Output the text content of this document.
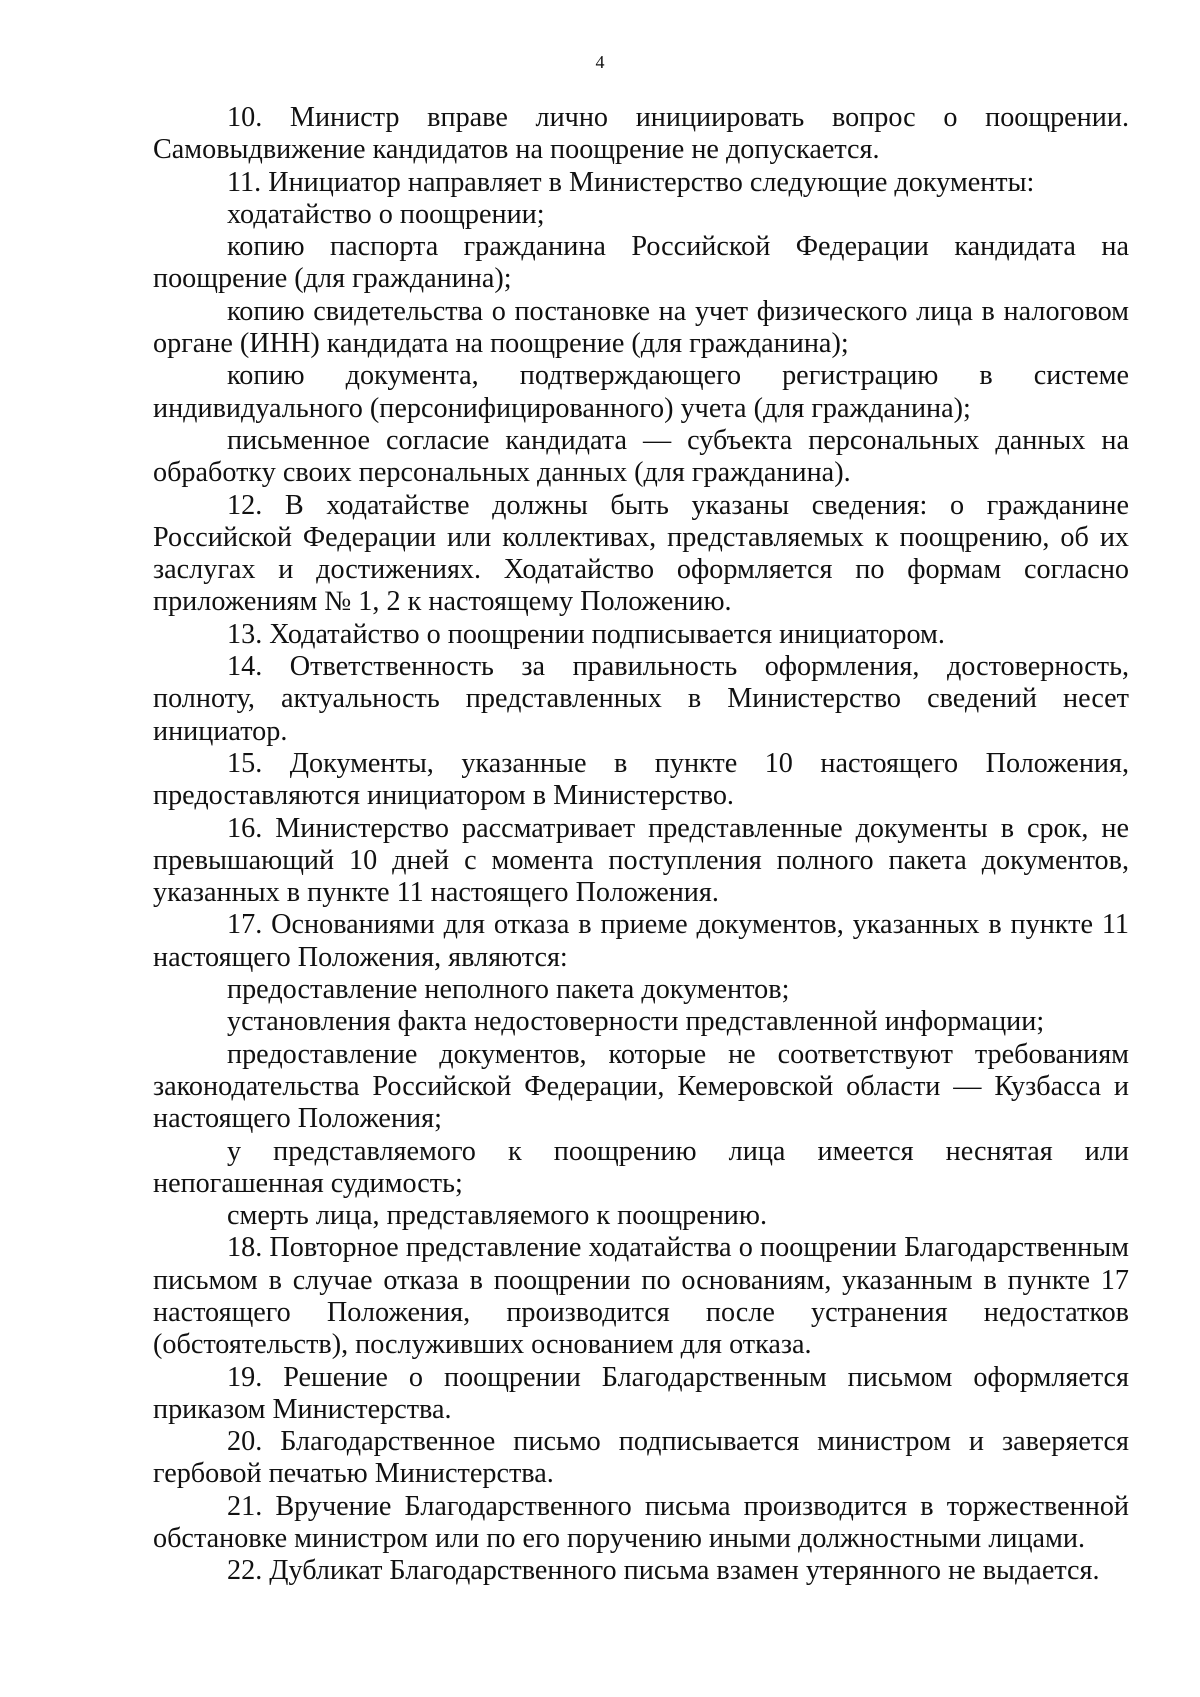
4

10. Министр вправе лично инициировать вопрос о поощрении. Самовыдвижение кандидатов на поощрение не допускается.

11. Инициатор направляет в Министерство следующие документы:

ходатайство о поощрении;

копию паспорта гражданина Российской Федерации кандидата на поощрение (для гражданина);

копию свидетельства о постановке на учет физического лица в налоговом органе (ИНН) кандидата на поощрение (для гражданина);

копию документа, подтверждающего регистрацию в системе индивидуального (персонифицированного) учета (для гражданина);

письменное согласие кандидата — субъекта персональных данных на обработку своих персональных данных (для гражданина).

12. В ходатайстве должны быть указаны сведения: о гражданине Российской Федерации или коллективах, представляемых к поощрению, об их заслугах и достижениях. Ходатайство оформляется по формам согласно приложениям № 1, 2 к настоящему Положению.

13. Ходатайство о поощрении подписывается инициатором.

14. Ответственность за правильность оформления, достоверность, полноту, актуальность представленных в Министерство сведений несет инициатор.

15. Документы, указанные в пункте 10 настоящего Положения, предоставляются инициатором в Министерство.

16. Министерство рассматривает представленные документы в срок, не превышающий 10 дней с момента поступления полного пакета документов, указанных в пункте 11 настоящего Положения.

17. Основаниями для отказа в приеме документов, указанных в пункте 11 настоящего Положения, являются:

предоставление неполного пакета документов;

установления факта недостоверности представленной информации;

предоставление документов, которые не соответствуют требованиям законодательства Российской Федерации, Кемеровской области — Кузбасса и настоящего Положения;

у представляемого к поощрению лица имеется неснятая или непогашенная судимость;

смерть лица, представляемого к поощрению.

18. Повторное представление ходатайства о поощрении Благодарственным письмом в случае отказа в поощрении по основаниям, указанным в пункте 17 настоящего Положения, производится после устранения недостатков (обстоятельств), послуживших основанием для отказа.

19. Решение о поощрении Благодарственным письмом оформляется приказом Министерства.

20. Благодарственное письмо подписывается министром и заверяется гербовой печатью Министерства.

21. Вручение Благодарственного письма производится в торжественной обстановке министром или по его поручению иными должностными лицами.

22. Дубликат Благодарственного письма взамен утерянного не выдается.
